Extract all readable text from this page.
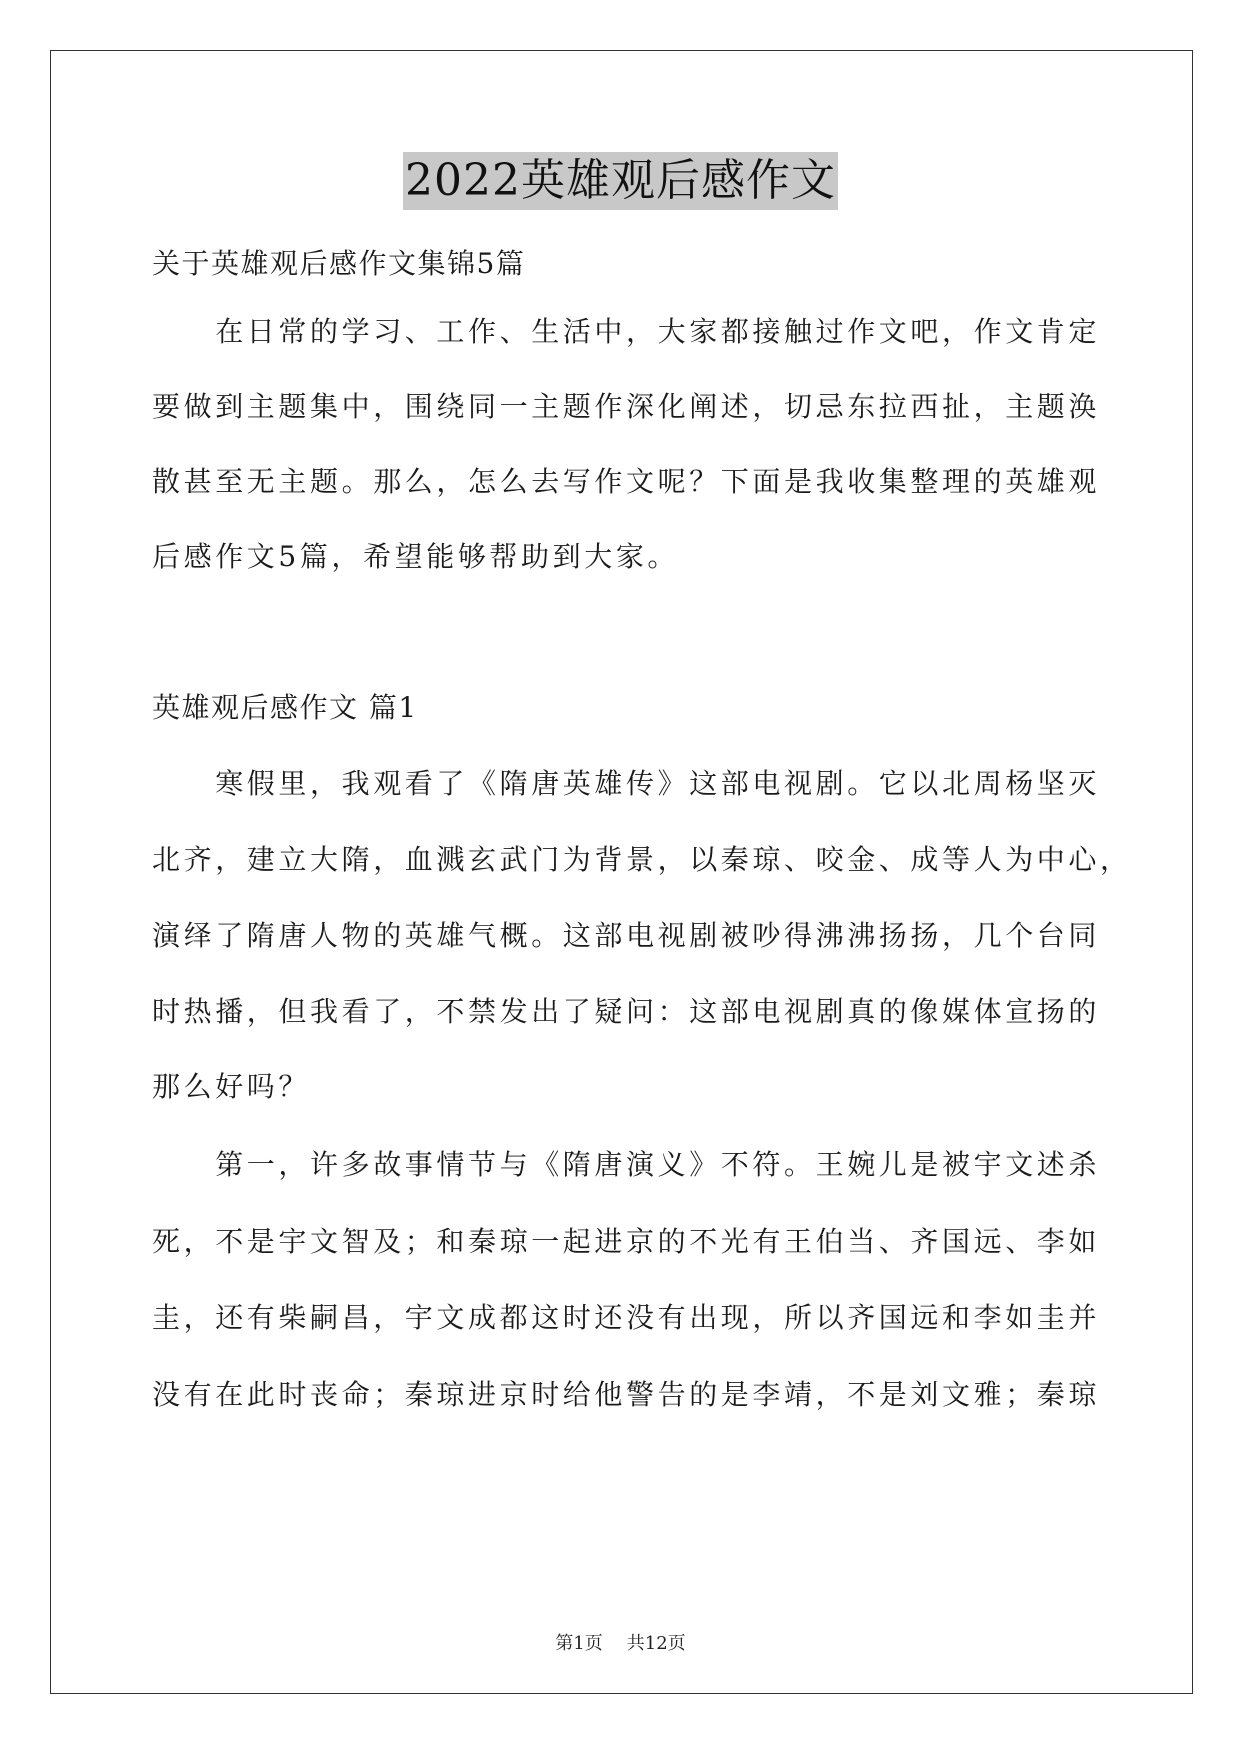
2022英雄观后感作文
关于英雄观后感作文集锦5篇
　　在日常的学习、工作、生活中，大家都接触过作文吧，作文肯定
要做到主题集中，围绕同一主题作深化阐述，切忌东拉西扯，主题涣
散甚至无主题。那么，怎么去写作文呢？下面是我收集整理的英雄观
后感作文5篇，希望能够帮助到大家。
英雄观后感作文 篇1
　　寒假里，我观看了《隋唐英雄传》这部电视剧。它以北周杨坚灭
北齐，建立大隋，血溅玄武门为背景，以秦琼、咬金、成等人为中心，
演绎了隋唐人物的英雄气概。这部电视剧被吵得沸沸扬扬，几个台同
时热播，但我看了，不禁发出了疑问：这部电视剧真的像媒体宣扬的
那么好吗？
　　第一，许多故事情节与《隋唐演义》不符。王婉儿是被宇文述杀
死，不是宇文智及；和秦琼一起进京的不光有王伯当、齐国远、李如
圭，还有柴嗣昌，宇文成都这时还没有出现，所以齐国远和李如圭并
没有在此时丧命；秦琼进京时给他警告的是李靖，不是刘文雅；秦琼
第1页 共12页
